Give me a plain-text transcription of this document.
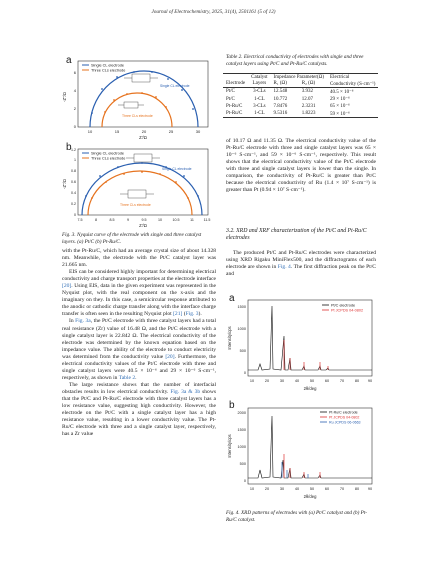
Journal of Electrochemistry, 2025, 31(4), 2501161 (5 of 12)
a	Single CL electrode
Three CLs electrode
Single CL electrode
Three CLs electrode
10	15	20	25	30
0
2
4
6
Z'/Ω
-Z"/Ω
b
Single CL electrode
Three CLs electrode
Single CL electrode
Three CLs electrode
7.5	8	8.5	9	9.5	10	10.5	11	11.5
0
0.2
0.4
0.6
0.8
1
1.2
Z'/Ω
-Z"/Ω
Fig. 3. Nyquist curve of the electrode with single and three catalyst layers. (a) Pt/C (b) Pt-Ru/C.

with the Pt-Ru/C, which had an average crystal size of about 14.328 nm. Meanwhile, the electrode with the Pt/C catalyst layer was 21.665 nm.

EIS can be considered highly important for determining electrical conductivity and charge transport properties at the electrode interface [20]. Using EIS, data in the given experiment was represented in the Nyquist plot, with the real component on the x-axis and the imaginary on they. In this case, a semicircular response attributed to the anodic or cathodic charge transfer along with the interface charge transfer is often seen in the resulting Nyquist plot [21] (Fig. 3).

In Fig. 3a, the Pt/C electrode with three catalyst layers had a total real resistance (Zr) value of 16.48 Ω, and the Pt/C electrode with a single catalyst layer is 22.842 Ω. The electrical conductivity of the electrode was determined by the known equation based on the impedance value. The ability of the electrode to conduct electricity was determined from the conductivity value [20]. Furthermore, the electrical conductivity values of the Pt/C electrode with three and single catalyst layers were 40.5 × 10⁻⁶ and 29 × 10⁻⁶ S·cm⁻¹, respectively, as shown in Table 2.

The large resistance shows that the number of interfacial obstacles results in low electrical conductivity. Fig. 3a & 3b shows that the Pt/C and Pt-Ru/C electrode with three catalyst layers has a low resistance value, suggesting high conductivity. However, the electrode on the Pt/C with a single catalyst layer has a high resistance value, resulting in a lower conductivity value. The Pt-Ru/C electrode with three and a single catalyst layer, respectively, has a Zr value

Table 2. Electrical conductivity of electrodes with single and three catalyst layers using Pt/C and Pt-Ru/C catalysts.
	Catalyst	Impedance Parameter(Ω)		Electrical
Electrode	Layers	R₁ (Ω)	R₂ (Ω)	Conductivity (S·cm⁻¹)
Pt/C	3-CLs	12.548	3.932	40.5 × 10⁻⁶
Pt/C	1-CL	10.772	12.07	29 × 10⁻⁶
Pt-Ru/C	3-CLs	7.8476	2.3231	65 × 10⁻⁶
Pt-Ru/C	1-CL	9.5316	1.8223	59 × 10⁻⁶

of 10.17 Ω and 11.35 Ω. The electrical conductivity value of the Pt-Ru/C electrode with three and single catalyst layers was 65 × 10⁻⁶ S·cm⁻¹, and 59 × 10⁻⁶ S·cm⁻¹, respectively. This result shows that the electrical conductivity value of the Pt/C electrode with three and single catalyst layers is lower than the single. In comparison, the conductivity of Pt-Ru/C is greater than Pt/C because the electrical conductivity of Ru (1.4 × 10⁷ S·cm⁻¹) is greater than Pt (0.94 × 10⁷ S·cm⁻¹).

3.2. XRD and XRF characterization of the Pt/C and Pt-Ru/C electrodes

The produced Pt/C and Pt-Ru/C electrodes were characterized using XRD Rigaku MiniFlex500, and the diffractograms of each electrode are shown in Fig. 4. The first diffraction peak on the Pt/C and

a
Pt/C electrode
Pt JCPDS 04-0802
10	20	30	40	50	60	70	80 90
0
500
1000
1500
2θ/deg
Intensity/cps
b
Pt-Ru/C electrode
Pt JCPDS 04-0802
Ru JCPDS 06-0663
10	20	30	40	50	60	70	80 90
0
500
1000
1500
2000
2θ/deg
Intensity/cps
Fig. 4. XRD patterns of electrodes with (a) Pt/C catalyst and (b) Pt-Ru/C catalyst.
